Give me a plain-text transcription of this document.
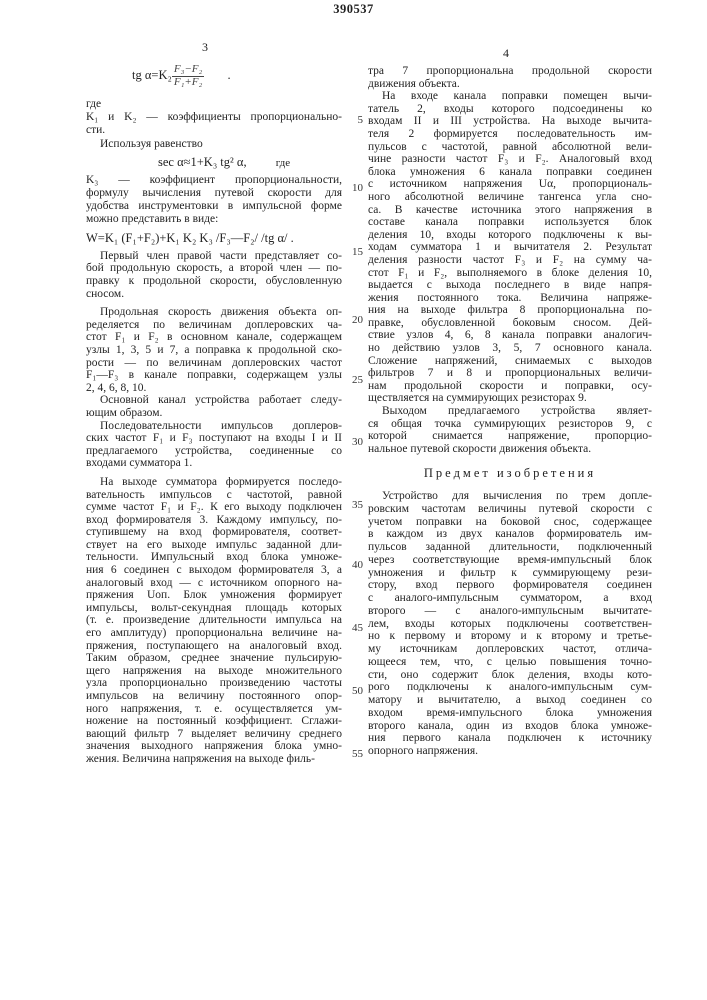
390537
3	4
tg α=K₂ F₃−F₂
F₁+F₂ .
где
K₁ и K₂ — коэффициенты пропорционально-
сти.
Используя равенство
sec α≈1+K₃ tg² α,	где
K₃ — коэффициент пропорциональности,
формулу вычисления путевой скорости для
удобства инструментовки в импульсной форме
можно представить в виде:
W=K₁ (F₁+F₂)+K₁ K₂ K₃ /F₃—F₂/ /tg α/ .
Первый член правой части представляет со-
бой продольную скорость, а второй член — по-
правку к продольной скорости, обусловленную
сносом.
Продольная скорость движения объекта оп-
ределяется по величинам доплеровских ча-
стот F₁ и F₂ в основном канале, содержащем
узлы 1, 3, 5 и 7, а поправка к продольной ско-
рости — по величинам доплеровских частот
F₁—F₃ в канале поправки, содержащем узлы
2, 4, 6, 8, 10.
Основной канал устройства работает следу-
ющим образом.
Последовательности импульсов доплеров-
ских частот F₁ и F₃ поступают на входы I и II
предлагаемого устройства, соединенные со
входами сумматора 1.
На выходе сумматора формируется последо-
вательность импульсов с частотой, равной
сумме частот F₁ и F₂. К его выходу подключен
вход формирователя 3. Каждому импульсу, по-
ступившему на вход формирователя, соответ-
ствует на его выходе импульс заданной дли-
тельности. Импульсный вход блока умноже-
ния 6 соединен с выходом формирователя 3, а
аналоговый вход — с источником опорного на-
пряжения Uоп. Блок умножения формирует
импульсы, вольт-секундная площадь которых
(т. е. произведение длительности импульса на
его амплитуду) пропорциональна величине на-
пряжения, поступающего на аналоговый вход.
Таким образом, среднее значение пульсирую-
щего напряжения на выходе множительного
узла пропорционально произведению частоты
импульсов на величину постоянного опор-
ного напряжения, т. е. осуществляется ум-
ножение на постоянный коэффициент. Сглажи-
вающий фильтр 7 выделяет величину среднего
значения выходного напряжения блока умно-
жения. Величина напряжения на выходе филь-
тра 7 пропорциональна продольной скорости
движения объекта.
На входе канала поправки помещен вычи-
татель 2, входы которого подсоединены ко
входам II и III устройства. На выходе вычита-
теля 2 формируется последовательность им-
пульсов с частотой, равной абсолютной вели-
чине разности частот F₃ и F₂. Аналоговый вход
блока умножения 6 канала поправки соединен
с источником напряжения Uα, пропорциональ-
ного абсолютной величине тангенса угла сно-
са. В качестве источника этого напряжения в
составе канала поправки используется блок
деления 10, входы которого подключены к вы-
ходам сумматора 1 и вычитателя 2. Результат
деления разности частот F₃ и F₂ на сумму ча-
стот F₁ и F₂, выполняемого в блоке деления 10,
выдается с выхода последнего в виде напря-
жения постоянного тока. Величина напряже-
ния на выходе фильтра 8 пропорциональна по-
правке, обусловленной боковым сносом. Дей-
ствие узлов 4, 6, 8 канала поправки аналогич-
но действию узлов 3, 5, 7 основного канала.
Сложение напряжений, снимаемых с выходов
фильтров 7 и 8 и пропорциональных величи-
нам продольной скорости и поправки, осу-
ществляется на суммирующих резисторах 9.
Выходом предлагаемого устройства являет-
ся общая точка суммирующих резисторов 9, с
которой снимается напряжение, пропорцио-
нальное путевой скорости движения объекта.
Предмет изобретения
Устройство для вычисления по трем допле-
ровским частотам величины путевой скорости с
учетом поправки на боковой снос, содержащее
в каждом из двух каналов формирователь им-
пульсов заданной длительности, подключенный
через соответствующие время-импульсный блок
умножения и фильтр к суммирующему рези-
стору, вход первого формирователя соединен
с аналого-импульсным сумматором, а вход
второго — с аналого-импульсным вычитате-
лем, входы которых подключены соответствен-
но к первому и второму и к второму и третье-
му источникам доплеровских частот, отлича-
ющееся тем, что, с целью повышения точно-
сти, оно содержит блок деления, входы кото-
рого подключены к аналого-импульсным сум-
матору и вычитателю, а выход соединен со
входом время-импульсного блока умножения
второго канала, один из входов блока умноже-
ния первого канала подключен к источнику
опорного напряжения.
5
10
15
20
25
30
35
40
45
50
55
